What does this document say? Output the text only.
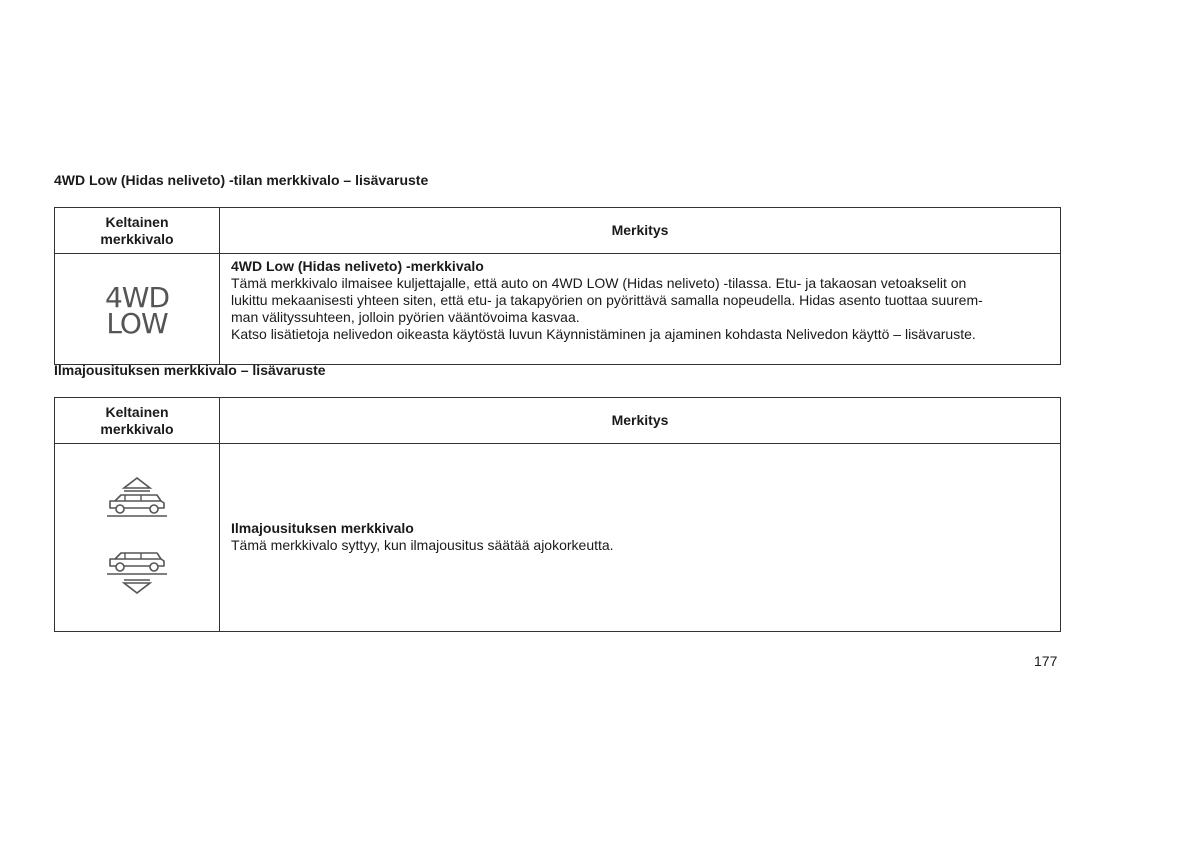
4WD Low (Hidas neliveto) -tilan merkkivalo – lisävaruste
Keltainen
merkkivalo	Merkitys

4WD
LOW	4WD Low (Hidas neliveto) -merkkivalo
Tämä merkkivalo ilmaisee kuljettajalle, että auto on 4WD LOW (Hidas neliveto) -tilassa. Etu- ja takaosan vetoakselit on
lukittu mekaanisesti yhteen siten, että etu- ja takapyörien on pyörittävä samalla nopeudella. Hidas asento tuottaa suurem-
man välityssuhteen, jolloin pyörien vääntövoima kasvaa.
Katso lisätietoja nelivedon oikeasta käytöstä luvun Käynnistäminen ja ajaminen kohdasta Nelivedon käyttö – lisävaruste.
Ilmajousituksen merkkivalo – lisävaruste
Keltainen
merkkivalo	Merkitys

Ilmajousituksen merkkivalo
Tämä merkkivalo syttyy, kun ilmajousitus säätää ajokorkeutta.
177
